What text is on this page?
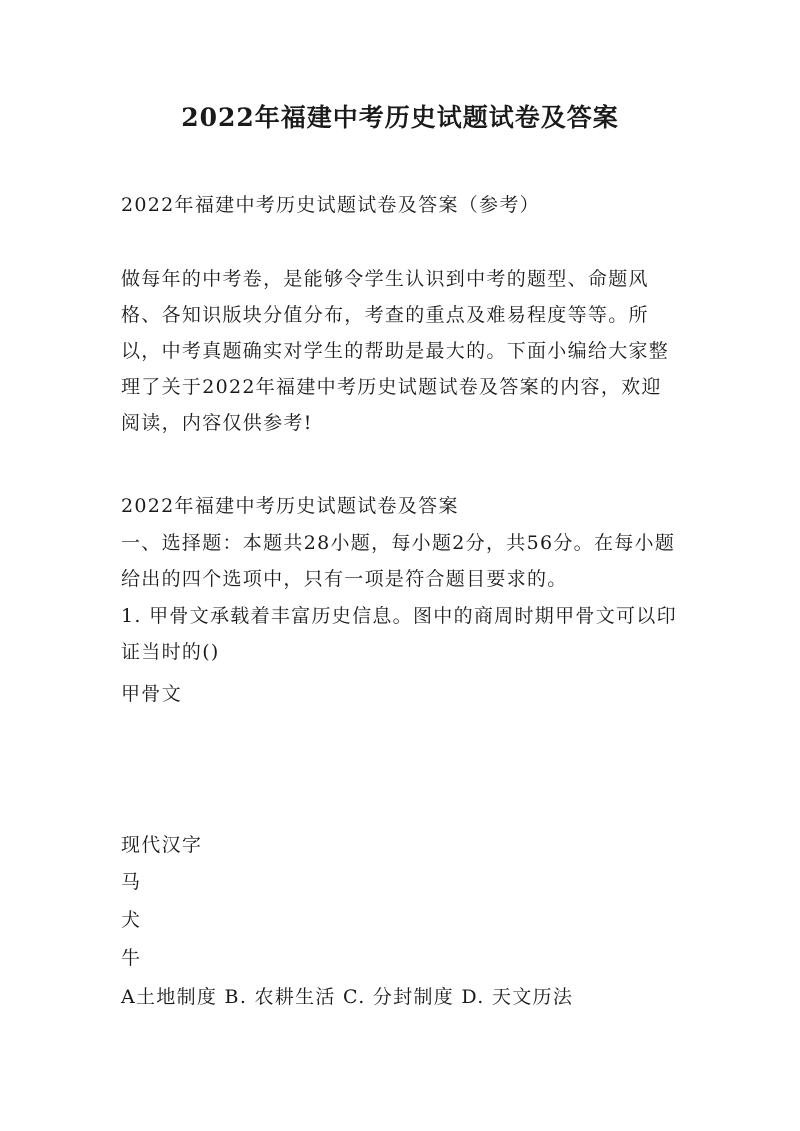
2022年福建中考历史试题试卷及答案

2022年福建中考历史试题试卷及答案（参考）

做每年的中考卷，是能够令学生认识到中考的题型、命题风格、各知识版块分值分布，考查的重点及难易程度等等。所以，中考真题确实对学生的帮助是最大的。下面小编给大家整理了关于2022年福建中考历史试题试卷及答案的内容，欢迎阅读，内容仅供参考!

2022年福建中考历史试题试卷及答案

一、选择题：本题共28小题，每小题2分，共56分。在每小题给出的四个选项中，只有一项是符合题目要求的。

1. 甲骨文承载着丰富历史信息。图中的商周时期甲骨文可以印证当时的()

甲骨文

现代汉字

马

犬

牛

A土地制度 B. 农耕生活 C. 分封制度 D. 天文历法
